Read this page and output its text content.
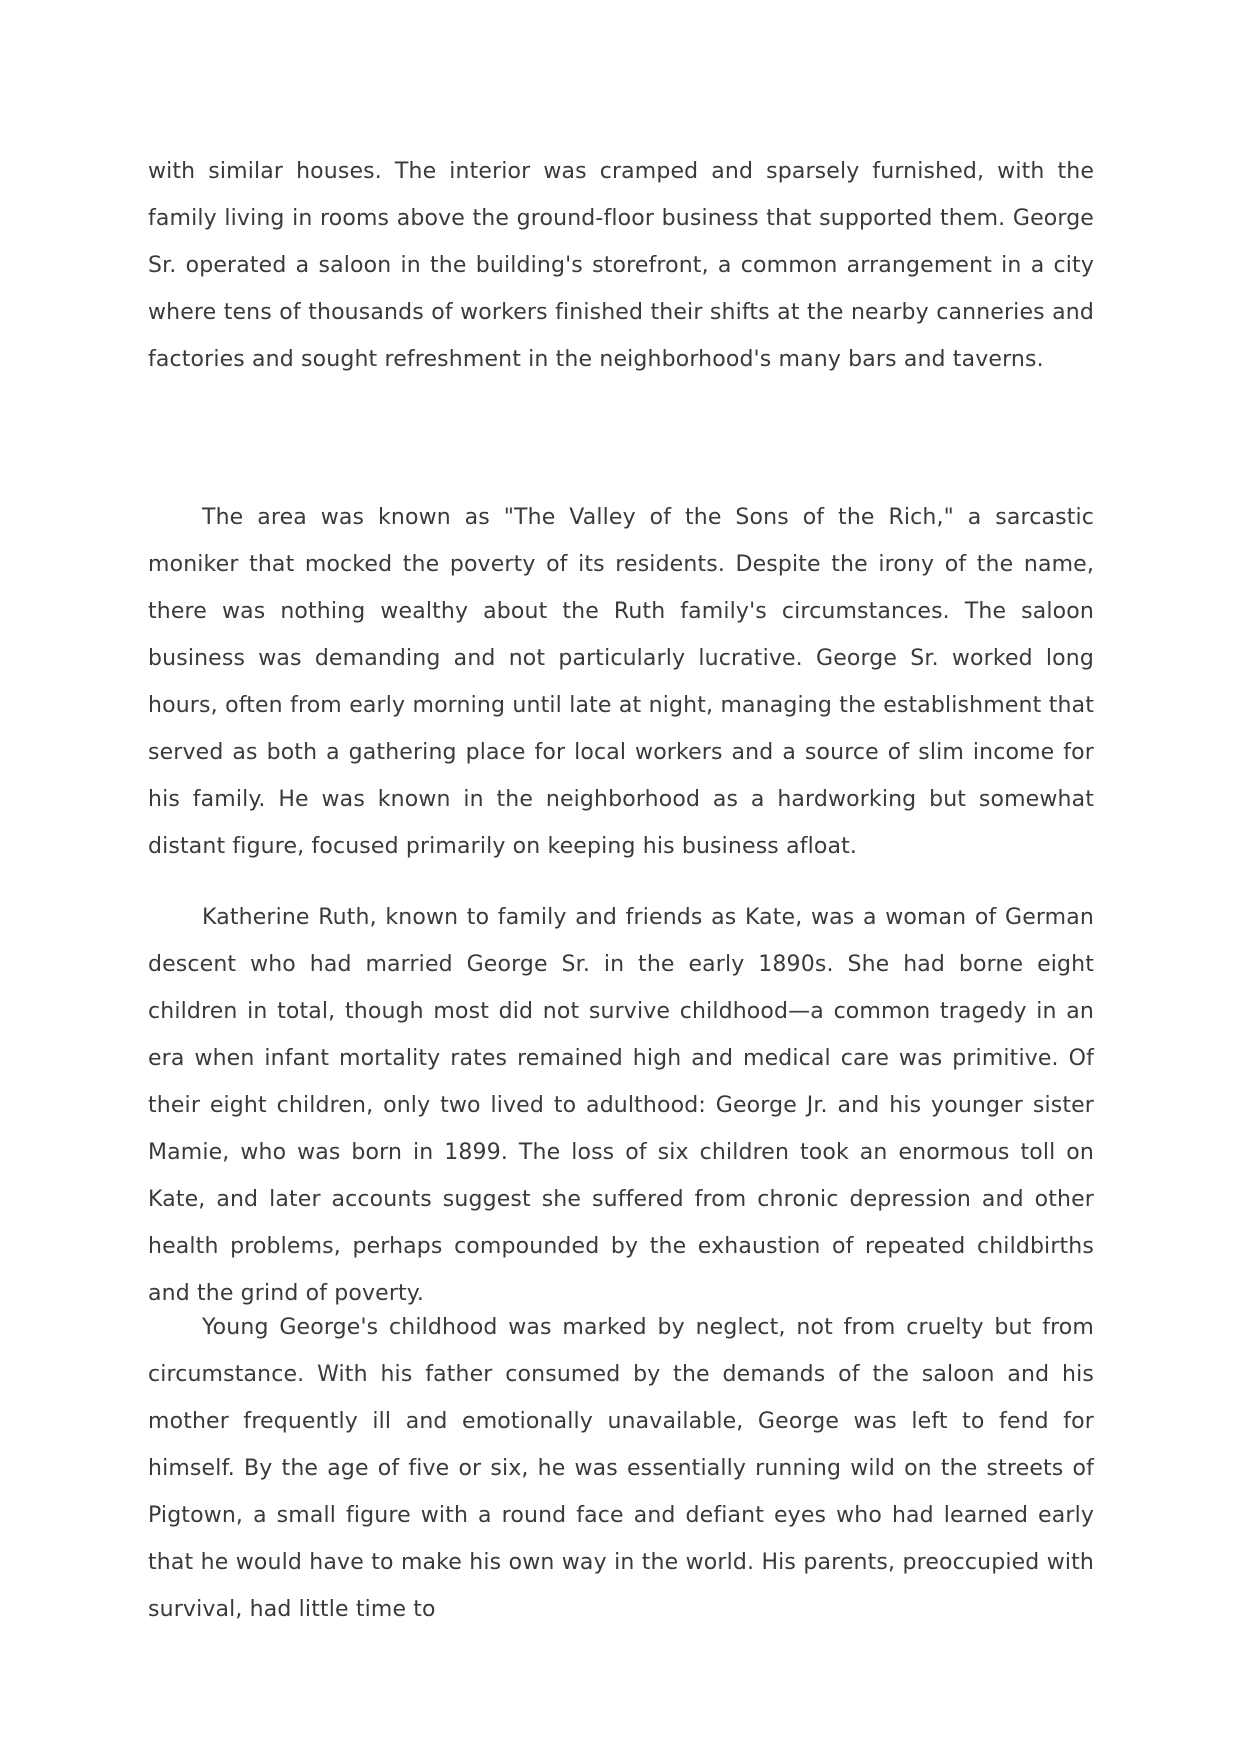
with similar houses. The interior was cramped and sparsely furnished, with the family living in rooms above the ground-floor business that supported them. George Sr. operated a saloon in the building's storefront, a common arrangement in a city where tens of thousands of workers finished their shifts at the nearby canneries and factories and sought refreshment in the neighborhood's many bars and taverns.

The area was known as "The Valley of the Sons of the Rich," a sarcastic moniker that mocked the poverty of its residents. Despite the irony of the name, there was nothing wealthy about the Ruth family's circumstances. The saloon business was demanding and not particularly lucrative. George Sr. worked long hours, often from early morning until late at night, managing the establishment that served as both a gathering place for local workers and a source of slim income for his family. He was known in the neighborhood as a hardworking but somewhat distant figure, focused primarily on keeping his business afloat.

Katherine Ruth, known to family and friends as Kate, was a woman of German descent who had married George Sr. in the early 1890s. She had borne eight children in total, though most did not survive childhood—a common tragedy in an era when infant mortality rates remained high and medical care was primitive. Of their eight children, only two lived to adulthood: George Jr. and his younger sister Mamie, who was born in 1899. The loss of six children took an enormous toll on Kate, and later accounts suggest she suffered from chronic depression and other health problems, perhaps compounded by the exhaustion of repeated childbirths and the grind of poverty.

Young George's childhood was marked by neglect, not from cruelty but from circumstance. With his father consumed by the demands of the saloon and his mother frequently ill and emotionally unavailable, George was left to fend for himself. By the age of five or six, he was essentially running wild on the streets of Pigtown, a small figure with a round face and defiant eyes who had learned early that he would have to make his own way in the world. His parents, preoccupied with survival, had little time to
